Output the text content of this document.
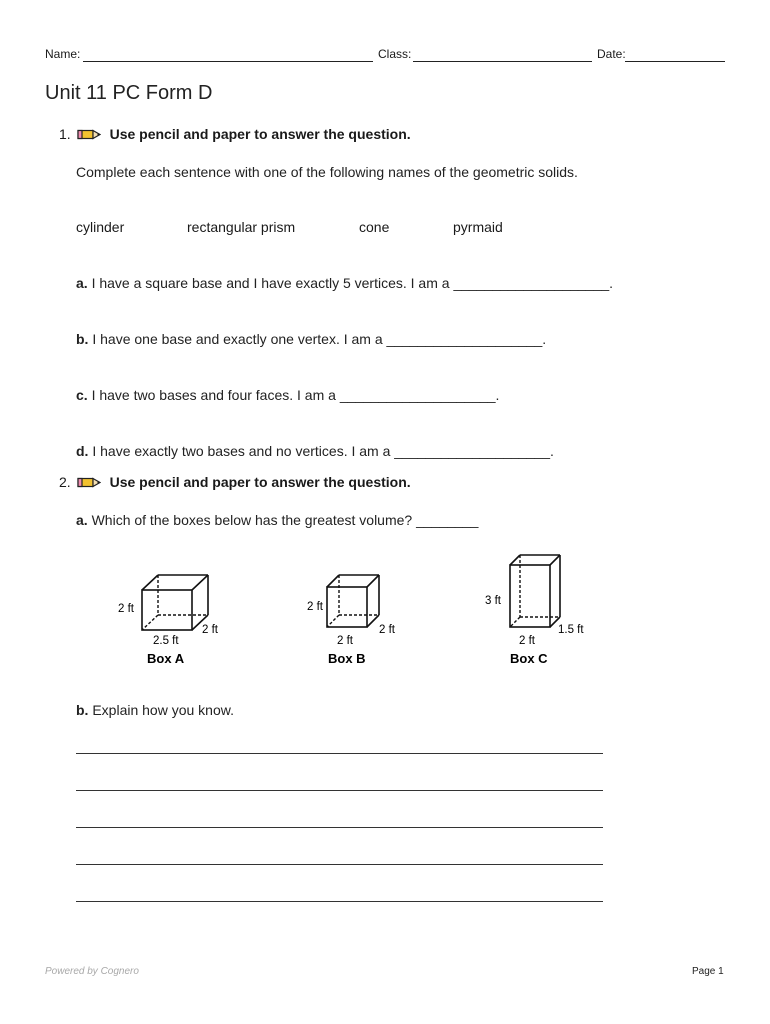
Name:	Class:	Date:
Unit 11 PC Form D
1.	Use pencil and paper to answer the question.
Complete each sentence with one of the following names of the geometric solids.
cylinder	rectangular prism	cone	pyrmaid
a. I have a square base and I have exactly 5 vertices. I am a ____________________.
b. I have one base and exactly one vertex. I am a ____________________.
c. I have two bases and four faces. I am a ____________________.
d. I have exactly two bases and no vertices. I am a ____________________.
2.	Use pencil and paper to answer the question.
a. Which of the boxes below has the greatest volume? ________
2 ft
2 ft
2.5 ft
Box A
2 ft
2 ft
2 ft
Box B
3 ft
1.5 ft
2 ft
Box C
b. Explain how you know.
Powered by Cognero	Page 1
